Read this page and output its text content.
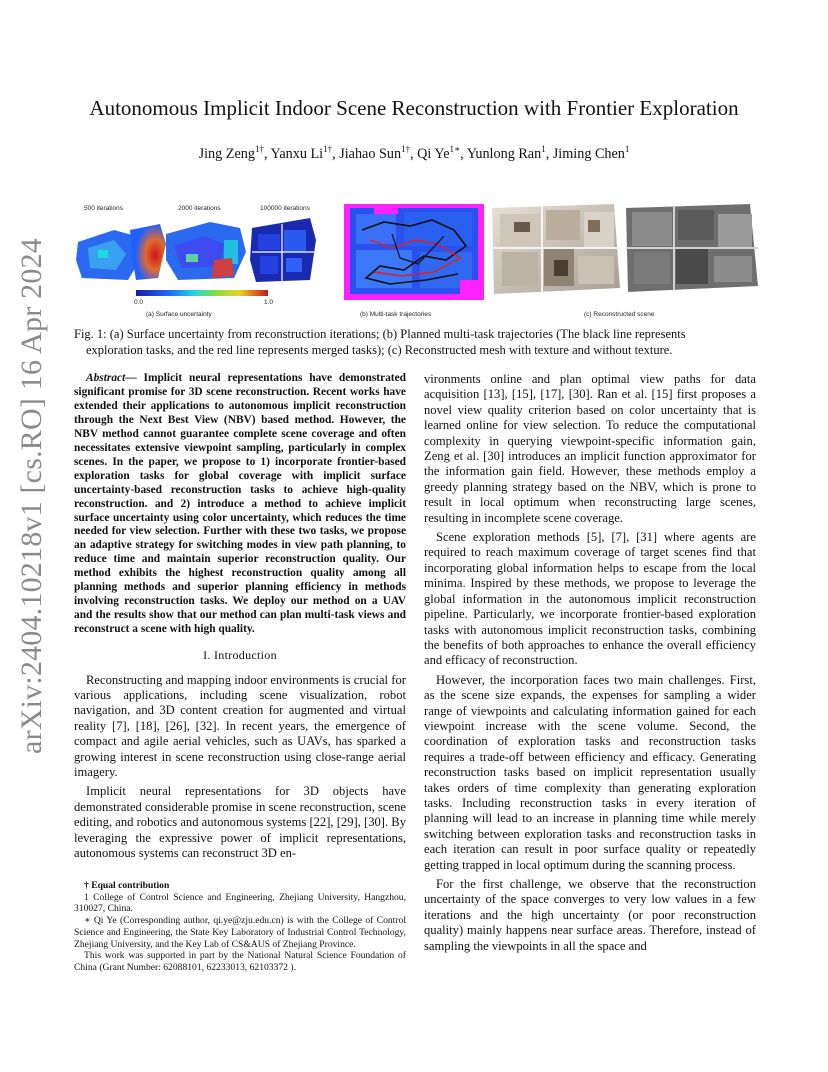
arXiv:2404.10218v1 [cs.RO] 16 Apr 2024
Autonomous Implicit Indoor Scene Reconstruction with Frontier Exploration
Jing Zeng$^{1\dagger}$, Yanxu $Li^{1\dagger}$, Jiahao Sun$^{1\dagger}$, Qi $Ye^{1∗}$, Yunlong Ran$^1$, Jiming Chen$^1$
500 iterations	2000 iterations	100000 iterations
0.0	1.0
(a) Surface uncertainty	(b) Multi-task trajectories	(c) Reconstructed scene
Fig. 1: (a) Surface uncertainty from reconstruction iterations; (b) Planned multi-task trajectories (The black line represents
exploration tasks, and the red line represents merged tasks); (c) Reconstructed mesh with texture and without texture.

Abstract— Implicit neural representations have demonstrated significant promise for 3D scene reconstruction. Recent works have extended their applications to autonomous implicit reconstruction through the Next Best View (NBV) based method. However, the NBV method cannot guarantee complete scene coverage and often necessitates extensive viewpoint sampling, particularly in complex scenes. In the paper, we propose to 1) incorporate frontier-based exploration tasks for global coverage with implicit surface uncertainty-based reconstruction tasks to achieve high-quality reconstruction. and 2) introduce a method to achieve implicit surface uncertainty using color uncertainty, which reduces the time needed for view selection. Further with these two tasks, we propose an adaptive strategy for switching modes in view path planning, to reduce time and maintain superior reconstruction quality. Our method exhibits the highest reconstruction quality among all planning methods and superior planning efficiency in methods involving reconstruction tasks. We deploy our method on a UAV and the results show that our method can plan multi-task views and reconstruct a scene with high quality.

I. Introduction

Reconstructing and mapping indoor environments is crucial for various applications, including scene visualization, robot navigation, and 3D content creation for augmented and virtual reality [7], [18], [26], [32]. In recent years, the emergence of compact and agile aerial vehicles, such as UAVs, has sparked a growing interest in scene reconstruction using close-range aerial imagery.

Implicit neural representations for 3D objects have demonstrated considerable promise in scene reconstruction, scene editing, and robotics and autonomous systems [22], [29], [30]. By leveraging the expressive power of implicit representations, autonomous systems can reconstruct 3D en-

† Equal contribution

1 College of Control Science and Engineering, Zhejiang University, Hangzhou, 310027, China.

∗ Qi Ye (Corresponding author, qi.ye@zju.edu.cn) is with the College of Control Science and Engineering, the State Key Laboratory of Industrial Control Technology, Zhejiang University, and the Key Lab of CS&AUS of Zhejiang Province.

This work was supported in part by the National Natural Science Foundation of China (Grant Number: 62088101, 62233013, 62103372 ).

vironments online and plan optimal view paths for data acquisition [13], [15], [17], [30]. Ran et al. [15] first proposes a novel view quality criterion based on color uncertainty that is learned online for view selection. To reduce the computational complexity in querying viewpoint-specific information gain, Zeng et al. [30] introduces an implicit function approximator for the information gain field. However, these methods employ a greedy planning strategy based on the NBV, which is prone to result in local optimum when reconstructing large scenes, resulting in incomplete scene coverage.

Scene exploration methods [5], [7], [31] where agents are required to reach maximum coverage of target scenes find that incorporating global information helps to escape from the local minima. Inspired by these methods, we propose to leverage the global information in the autonomous implicit reconstruction pipeline. Particularly, we incorporate frontier-based exploration tasks with autonomous implicit reconstruction tasks, combining the benefits of both approaches to enhance the overall efficiency and efficacy of reconstruction.

However, the incorporation faces two main challenges. First, as the scene size expands, the expenses for sampling a wider range of viewpoints and calculating information gained for each viewpoint increase with the scene volume. Second, the coordination of exploration tasks and reconstruction tasks requires a trade-off between efficiency and efficacy. Generating reconstruction tasks based on implicit representation usually takes orders of time complexity than generating exploration tasks. Including reconstruction tasks in every iteration of planning will lead to an increase in planning time while merely switching between exploration tasks and reconstruction tasks in each iteration can result in poor surface quality or repeatedly getting trapped in local optimum during the scanning process.

For the first challenge, we observe that the reconstruction uncertainty of the space converges to very low values in a few iterations and the high uncertainty (or poor reconstruction quality) mainly happens near surface areas. Therefore, instead of sampling the viewpoints in all the space and
